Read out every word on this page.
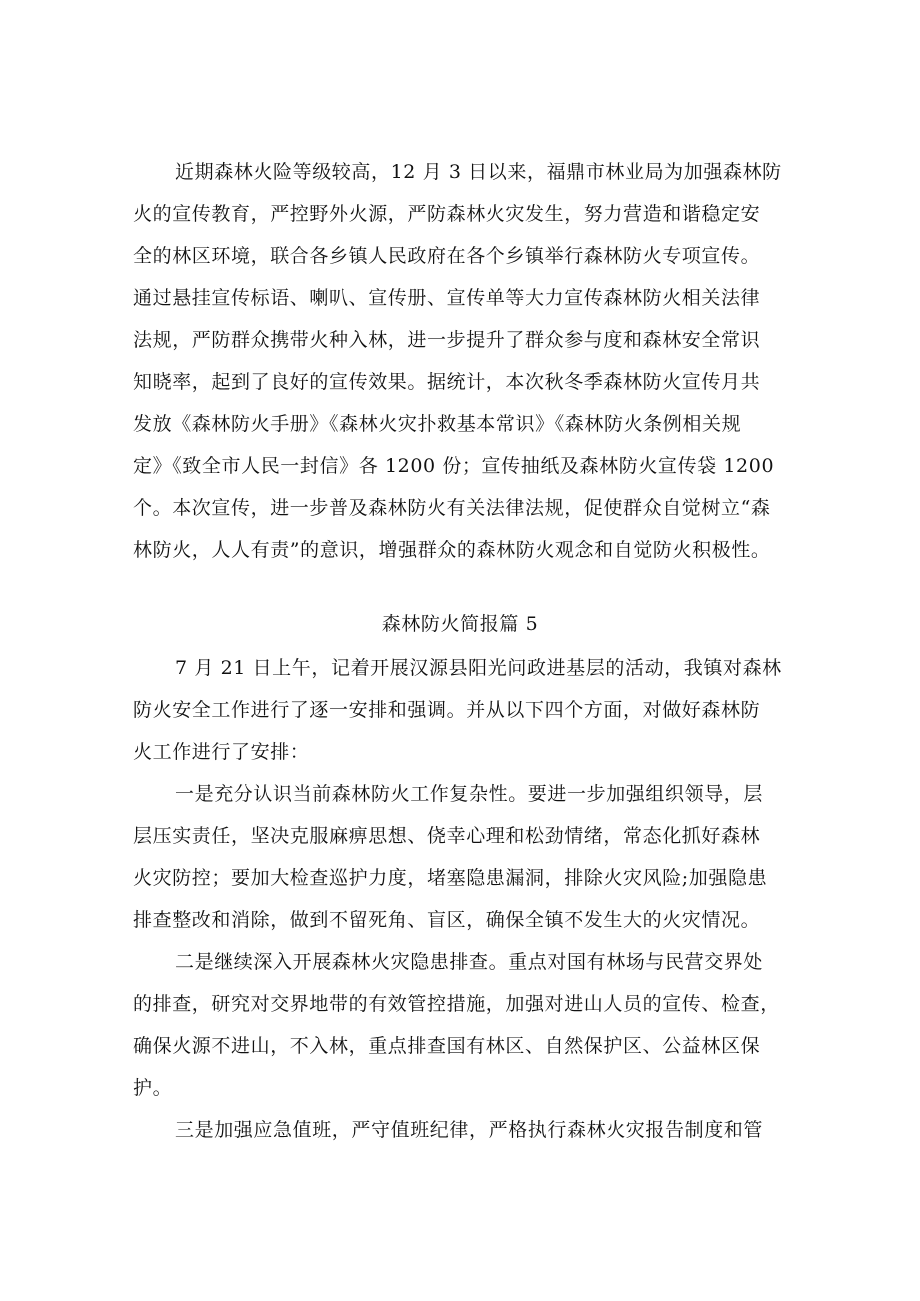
近期森林火险等级较高，12 月 3 日以来，福鼎市林业局为加强森林防
火的宣传教育，严控野外火源，严防森林火灾发生，努力营造和谐稳定安
全的林区环境，联合各乡镇人民政府在各个乡镇举行森林防火专项宣传。
通过悬挂宣传标语、喇叭、宣传册、宣传单等大力宣传森林防火相关法律
法规，严防群众携带火种入林，进一步提升了群众参与度和森林安全常识
知晓率，起到了良好的宣传效果。据统计，本次秋冬季森林防火宣传月共
发放《森林防火手册》《森林火灾扑救基本常识》《森林防火条例相关规
定》《致全市人民一封信》各 1200 份；宣传抽纸及森林防火宣传袋 1200
个。本次宣传，进一步普及森林防火有关法律法规，促使群众自觉树立“森
林防火，人人有责”的意识，增强群众的森林防火观念和自觉防火积极性。
森林防火简报篇 5
7 月 21 日上午，记着开展汉源县阳光问政进基层的活动，我镇对森林
防火安全工作进行了逐一安排和强调。并从以下四个方面，对做好森林防
火工作进行了安排：
一是充分认识当前森林防火工作复杂性。要进一步加强组织领导，层
层压实责任，坚决克服麻痹思想、侥幸心理和松劲情绪，常态化抓好森林
火灾防控；要加大检查巡护力度，堵塞隐患漏洞，排除火灾风险;加强隐患
排查整改和消除，做到不留死角、盲区，确保全镇不发生大的火灾情况。
二是继续深入开展森林火灾隐患排查。重点对国有林场与民营交界处
的排查，研究对交界地带的有效管控措施，加强对进山人员的宣传、检查，
确保火源不进山，不入林，重点排查国有林区、自然保护区、公益林区保
护。
三是加强应急值班，严守值班纪律，严格执行森林火灾报告制度和管
